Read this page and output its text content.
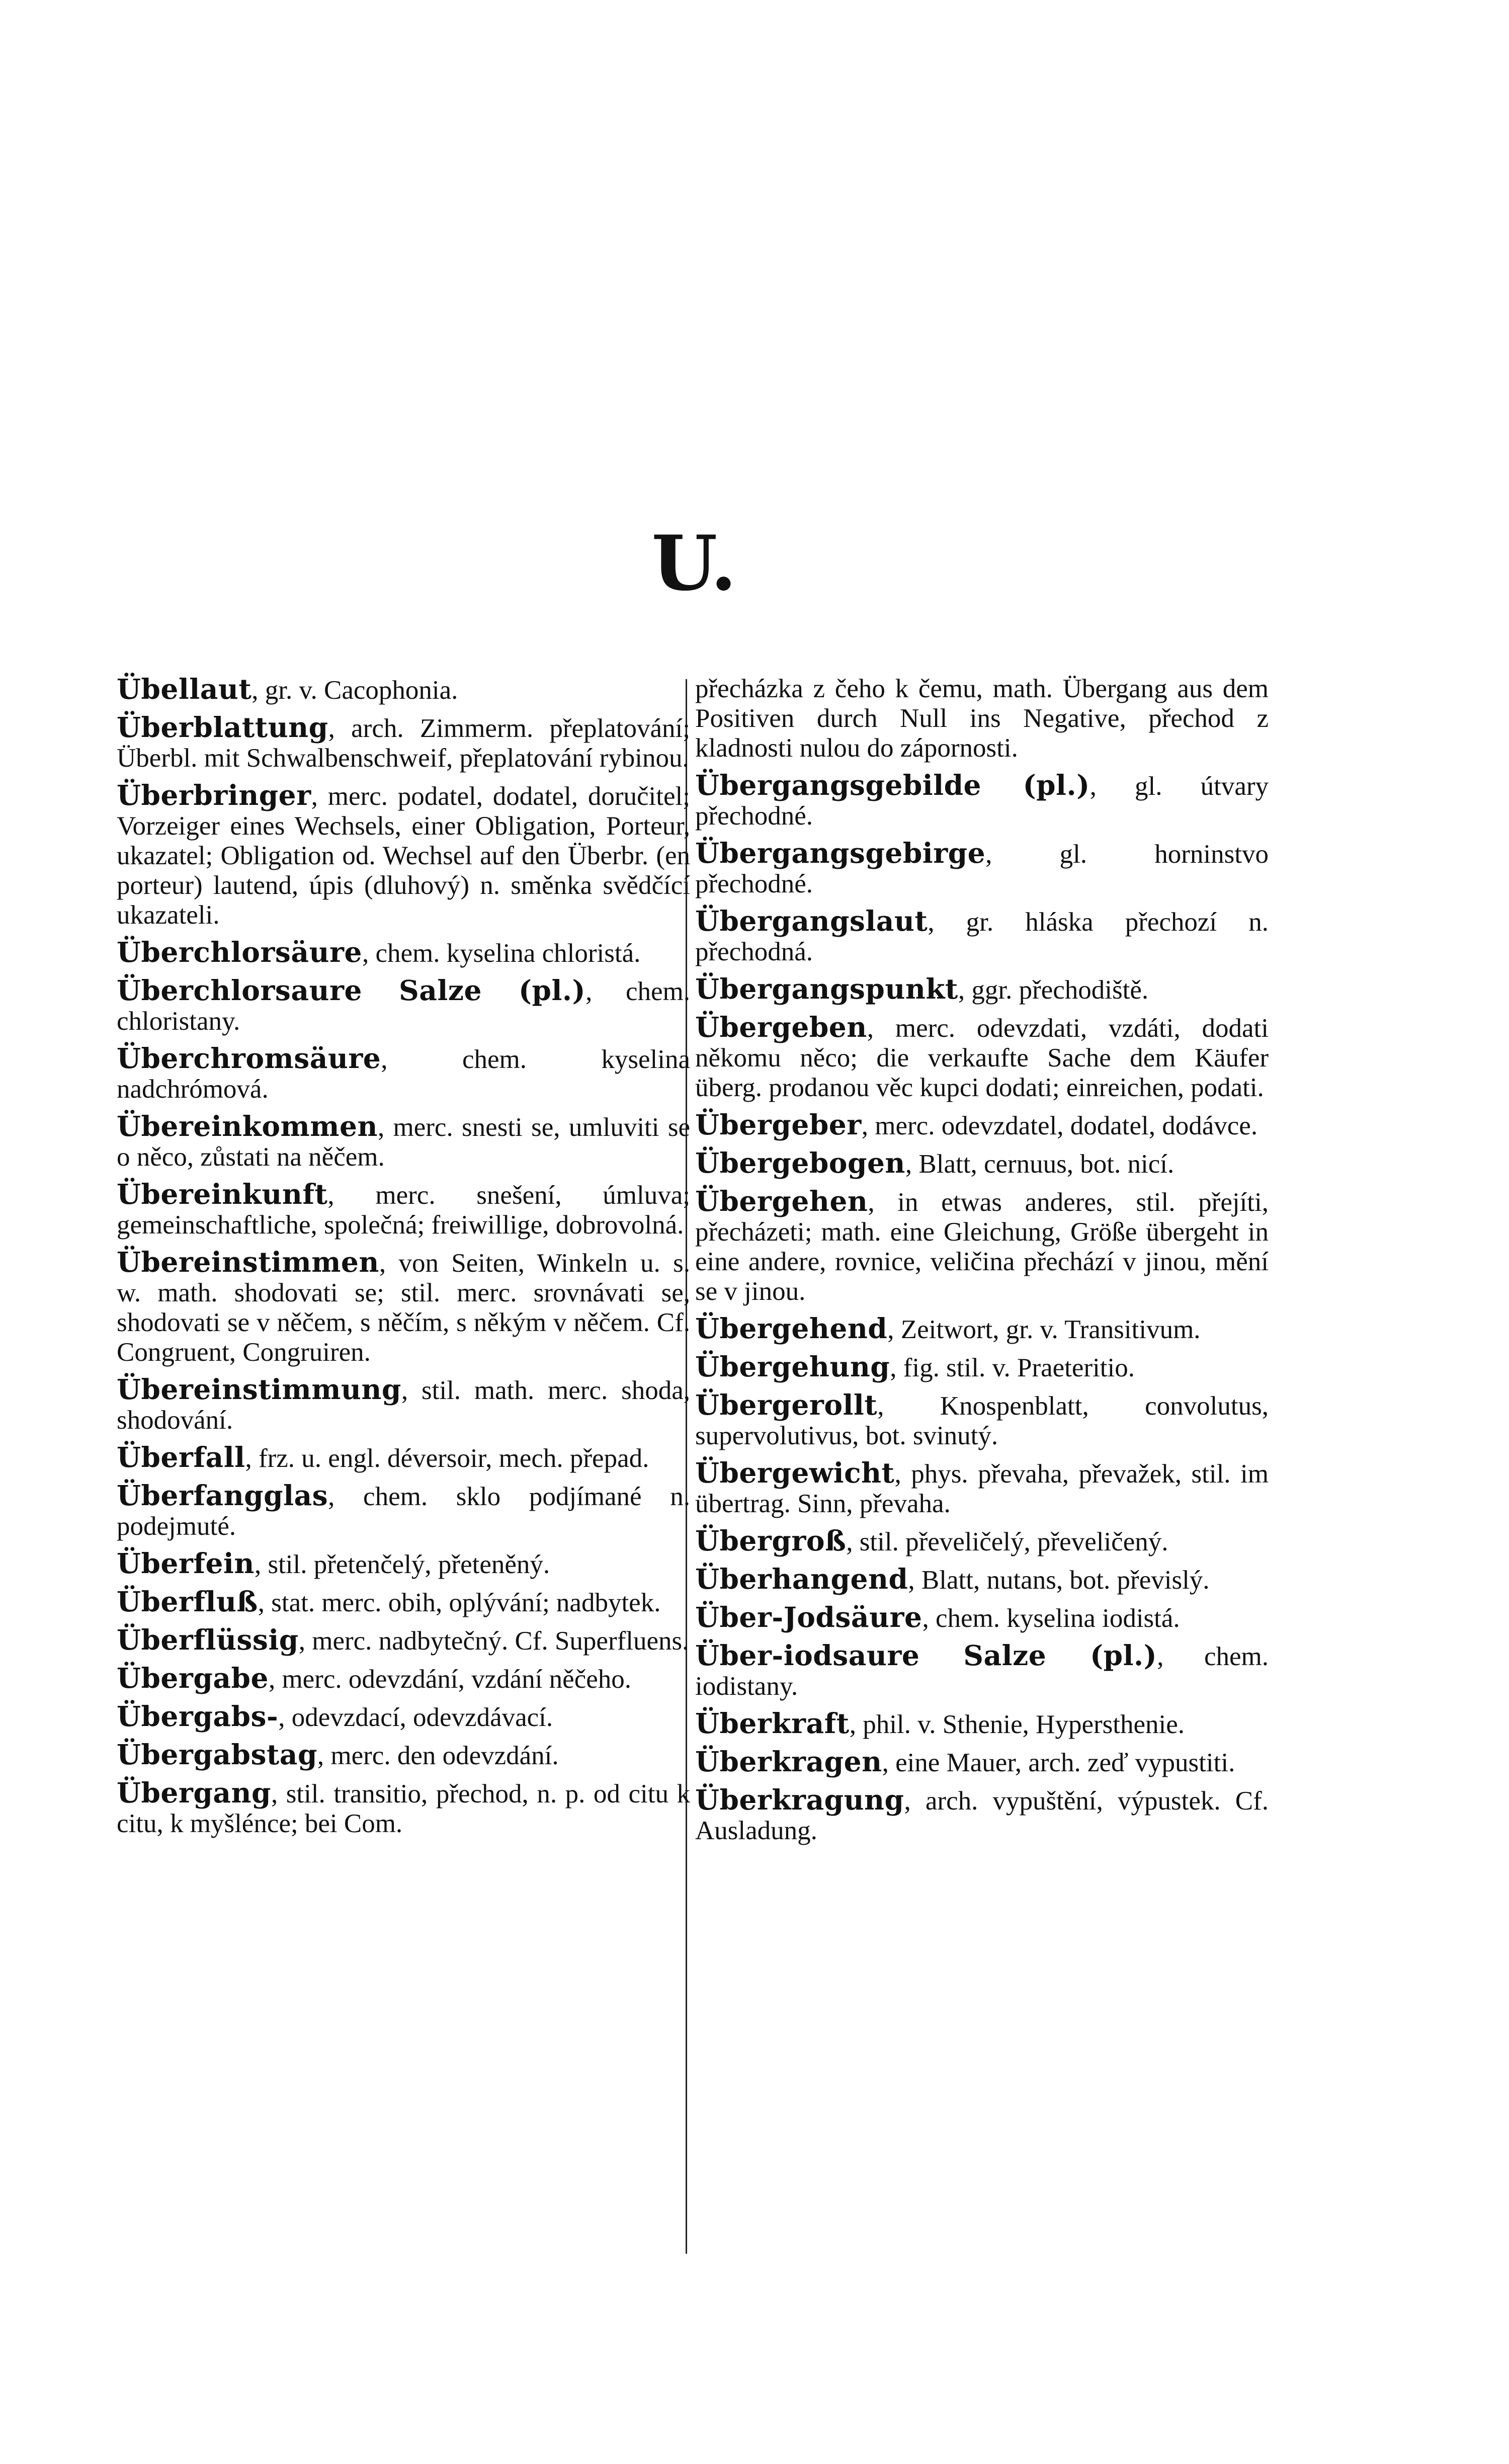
U.

Übellaut, gr. v. Cacophonia.

Überblattung, arch. Zimmerm. přeplatování; Überbl. mit Schwalbenschweif, přeplatování rybinou.

Überbringer, merc. podatel, dodatel, doručitel; Vorzeiger eines Wechsels, einer Obligation, Porteur, ukazatel; Obligation od. Wechsel auf den Überbr. (en porteur) lautend, úpis (dluhový) n. směnka svědčící ukazateli.

Überchlorsäure, chem. kyselina chloristá.

Überchlorsaure Salze (pl.), chem. chloristany.

Überchromsäure, chem. kyselina nadchrómová.

Übereinkommen, merc. snesti se, umluviti se o něco, zůstati na něčem.

Übereinkunft, merc. snešení, úmluva; gemeinschaftliche, společná; freiwillige, dobrovolná.

Übereinstimmen, von Seiten, Winkeln u. s. w. math. shodovati se; stil. merc. srovnávati se, shodovati se v něčem, s něčím, s někým v něčem. Cf. Congruent, Congruiren.

Übereinstimmung, stil. math. merc. shoda, shodování.

Überfall, frz. u. engl. déversoir, mech. přepad.

Überfangglas, chem. sklo podjímané n. podejmuté.

Überfein, stil. přetenčelý, přeteněný.

Überfluß, stat. merc. obih, oplývání; nadbytek.

Überflüssig, merc. nadbytečný. Cf. Superfluens.

Übergabe, merc. odevzdání, vzdání něčeho.

Übergabs-, odevzdací, odevzdávací.

Übergabstag, merc. den odevzdání.

Übergang, stil. transitio, přechod, n. p. od citu k citu, k myšlénce; bei Com.

přecházka z čeho k čemu, math. Übergang aus dem Positiven durch Null ins Negative, přechod z kladnosti nulou do zápornosti.

Übergangsgebilde (pl.), gl. útvary přechodné.

Übergangsgebirge, gl. horninstvo přechodné.

Übergangslaut, gr. hláska přechozí n. přechodná.

Übergangspunkt, ggr. přechodiště.

Übergeben, merc. odevzdati, vzdáti, dodati někomu něco; die verkaufte Sache dem Käufer überg. prodanou věc kupci dodati; einreichen, podati.

Übergeber, merc. odevzdatel, dodatel, dodávce.

Übergebogen, Blatt, cernuus, bot. nicí.

Übergehen, in etwas anderes, stil. přejíti, přecházeti; math. eine Gleichung, Größe übergeht in eine andere, rovnice, veličina přechází v jinou, mění se v jinou.

Übergehend, Zeitwort, gr. v. Transitivum.

Übergehung, fig. stil. v. Praeteritio.

Übergerollt, Knospenblatt, convolutus, supervolutivus, bot. svinutý.

Übergewicht, phys. převaha, převažek, stil. im übertrag. Sinn, převaha.

Übergroß, stil. převeličelý, převeličený.

Überhangend, Blatt, nutans, bot. převislý.

Über-Jodsäure, chem. kyselina iodistá.

Über-iodsaure Salze (pl.), chem. iodistany.

Überkraft, phil. v. Sthenie, Hypersthenie.

Überkragen, eine Mauer, arch. zeď vypustiti.

Überkragung, arch. vypuštění, výpustek. Cf. Ausladung.
